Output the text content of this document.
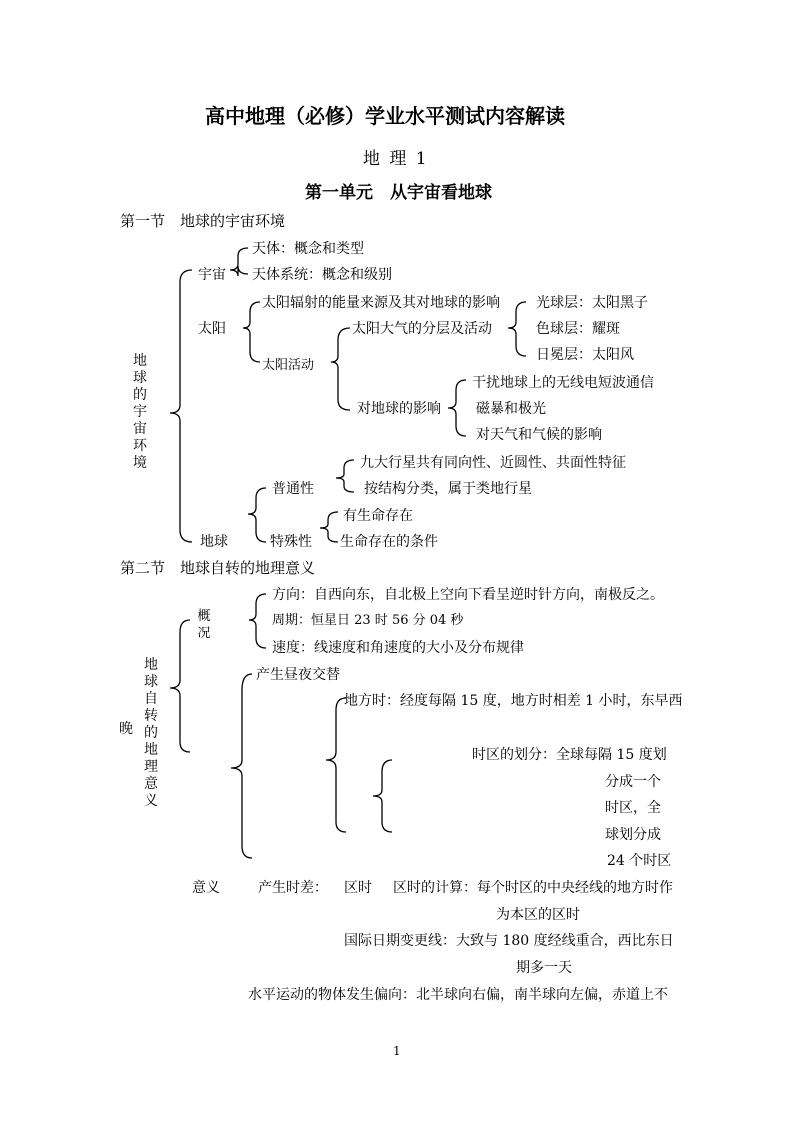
高中地理（必修）学业水平测试内容解读
地 理 1
第一单元　从宇宙看地球
第一节　地球的宇宙环境
地球的宇宙环境
宇宙
天体：概念和类型
天体系统：概念和级别
太阳
太阳辐射的能量来源及其对地球的影响
太阳活动
太阳大气的分层及活动
光球层：太阳黑子
色球层：耀斑
日冕层：太阳风
对地球的影响
干扰地球上的无线电短波通信
磁暴和极光
对天气和气候的影响
普通性
九大行星共有同向性、近圆性、共面性特征
按结构分类，属于类地行星
地球	特殊性
有生命存在
生命存在的条件
第二节　地球自转的地理意义
地球自转的地理意义
晚
概况
方向：自西向东，自北极上空向下看呈逆时针方向，南极反之。
周期：恒星日 23 时 56 分 04 秒
速度：线速度和角速度的大小及分布规律
产生昼夜交替
地方时：经度每隔 15 度，地方时相差 1 小时，东早西
时区的划分：全球每隔 15 度划
分成一个
时区，全
球划分成
24 个时区
意义	产生时差： 区时 区时的计算：每个时区的中央经线的地方时作
为本区的区时
国际日期变更线：大致与 180 度经线重合，西比东日
期多一天
水平运动的物体发生偏向：北半球向右偏，南半球向左偏，赤道上不
1
